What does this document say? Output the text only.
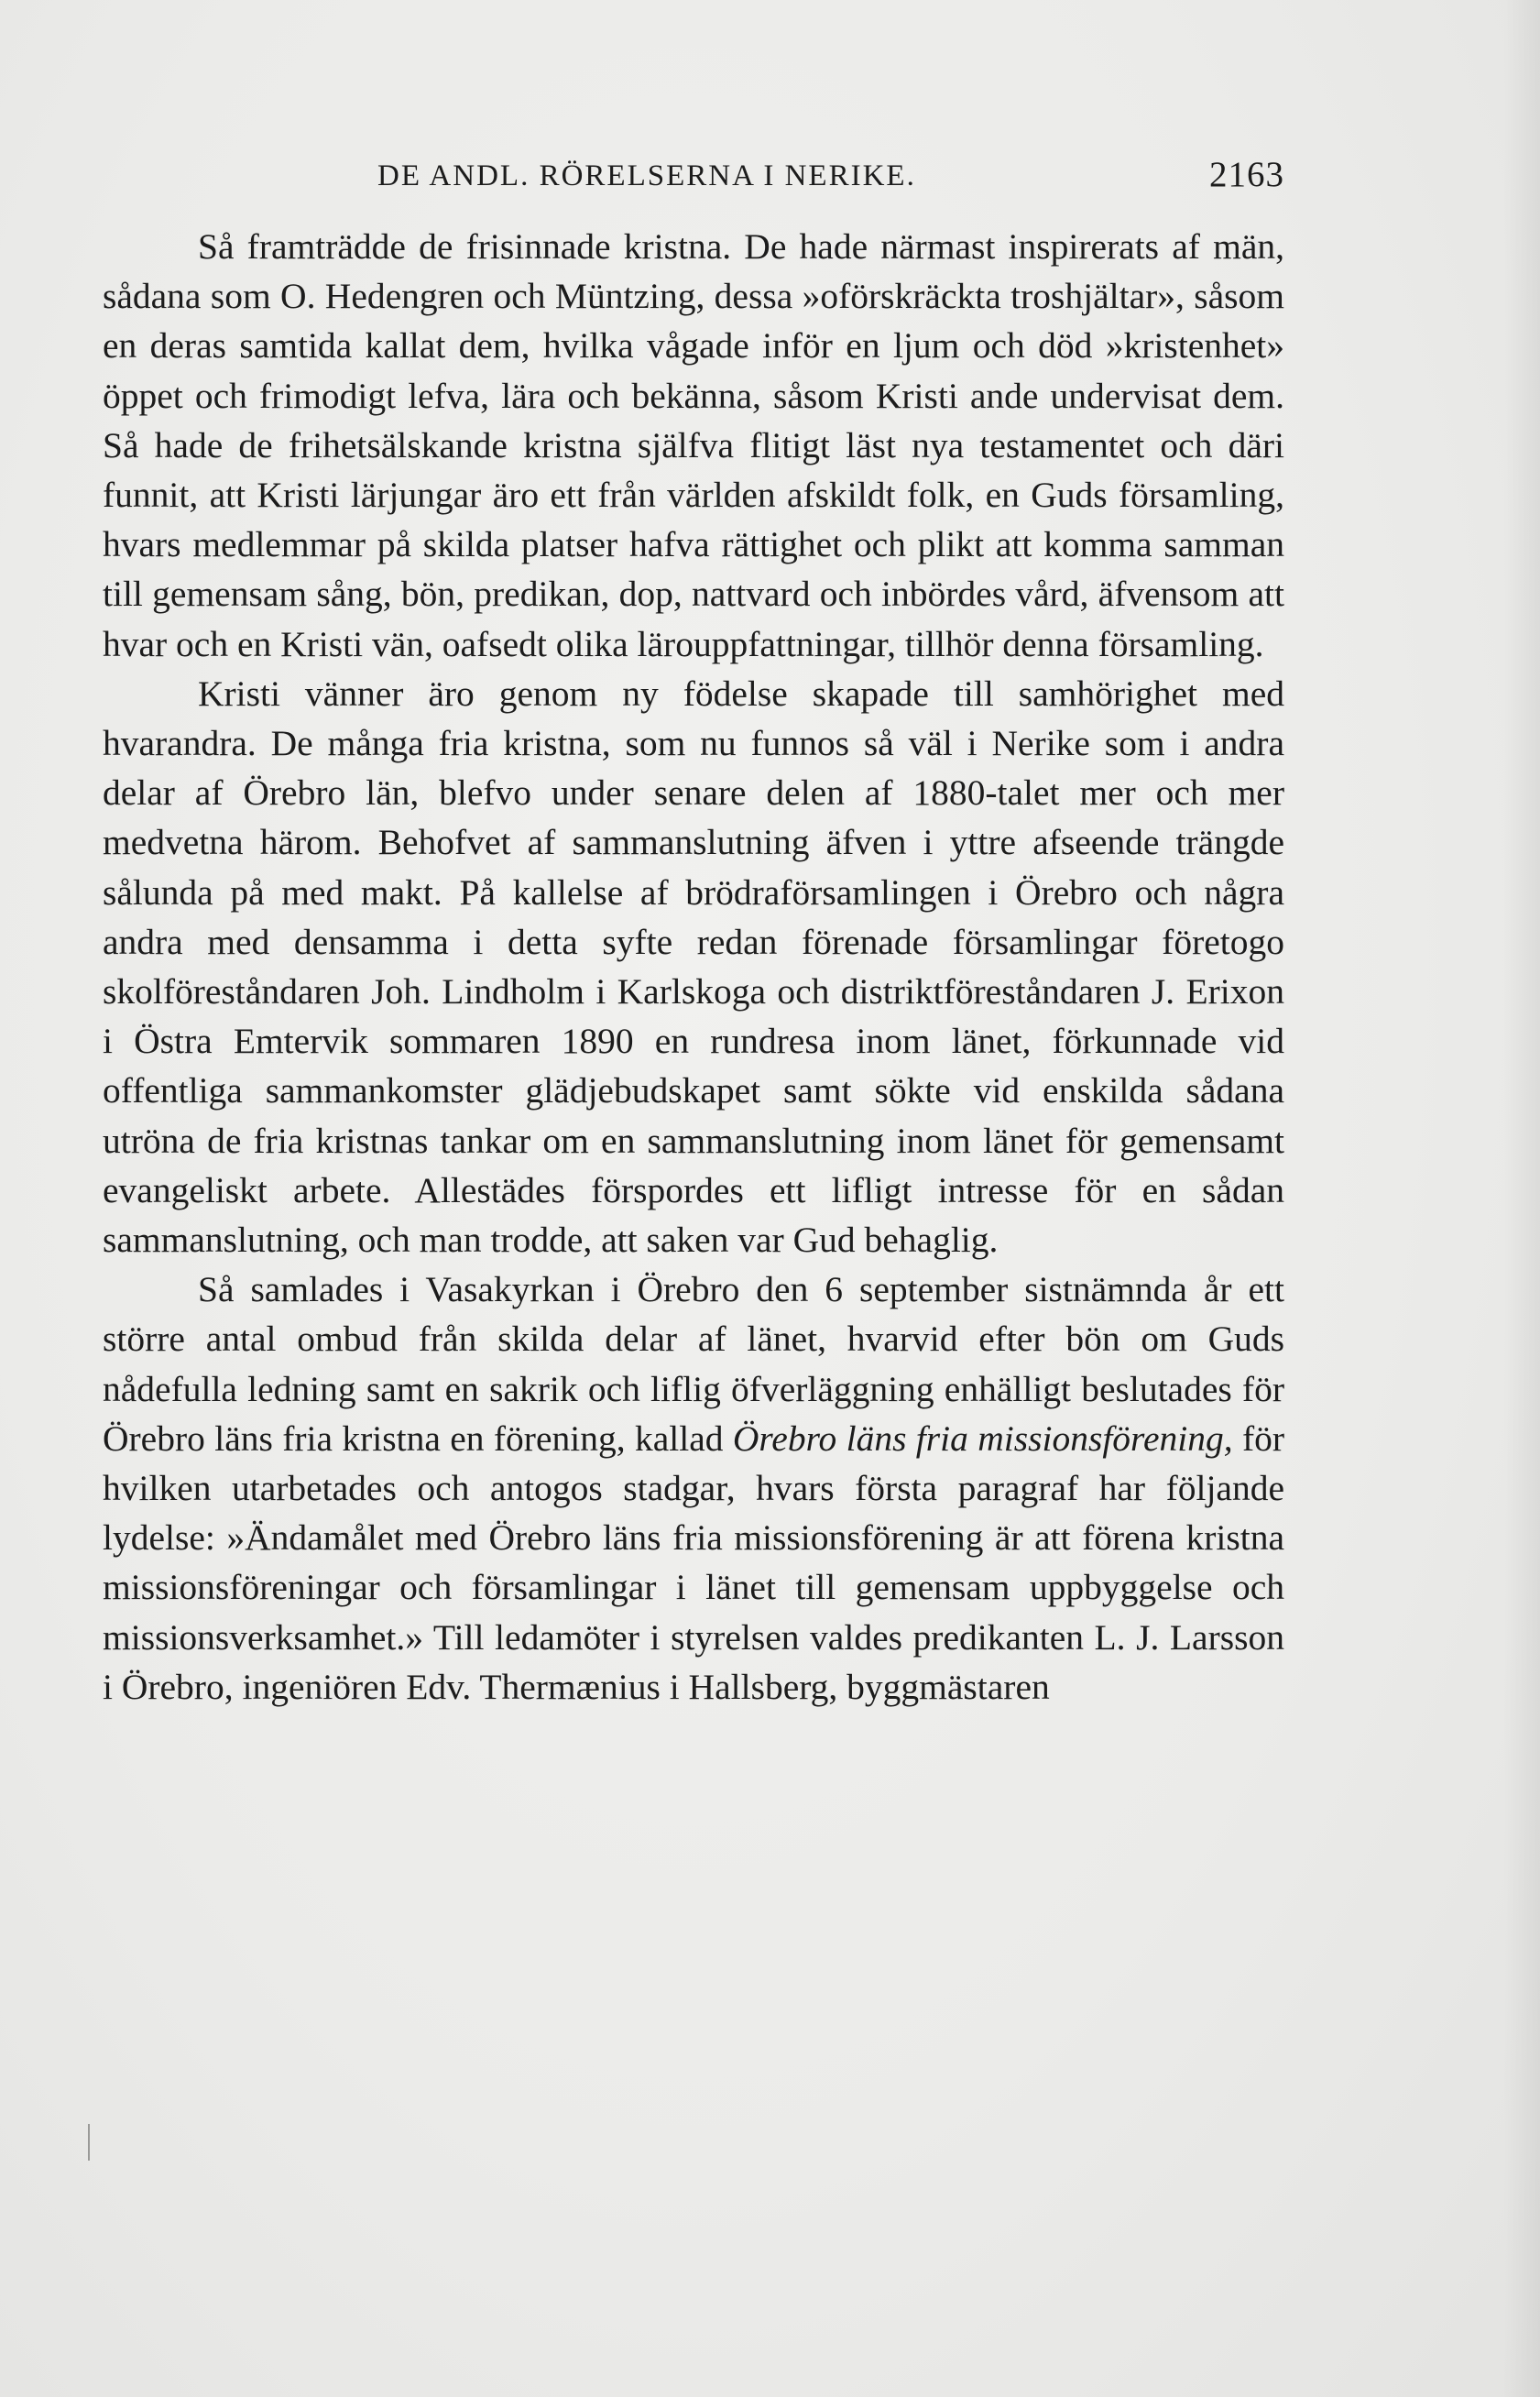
DE ANDL. RÖRELSERNA I NERIKE.	2163

Så framträdde de frisinnade kristna. De hade närmast inspirerats af män, sådana som O. Hedengren och Müntzing, dessa »oförskräckta troshjältar», såsom en deras samtida kallat dem, hvilka vågade inför en ljum och död »kristenhet» öppet och frimodigt lefva, lära och bekänna, såsom Kristi ande undervisat dem. Så hade de frihetsälskande kristna själfva flitigt läst nya testamentet och däri funnit, att Kristi lärjungar äro ett från världen afskildt folk, en Guds församling, hvars medlemmar på skilda platser hafva rättighet och plikt att komma samman till gemensam sång, bön, predikan, dop, nattvard och inbördes vård, äfvensom att hvar och en Kristi vän, oafsedt olika lärouppfattningar, tillhör denna församling.

Kristi vänner äro genom ny födelse skapade till samhörighet med hvarandra. De många fria kristna, som nu funnos så väl i Nerike som i andra delar af Örebro län, blefvo under senare delen af 1880-talet mer och mer medvetna härom. Behofvet af sammanslutning äfven i yttre afseende trängde sålunda på med makt. På kallelse af brödraförsamlingen i Örebro och några andra med densamma i detta syfte redan förenade församlingar företogo skolföreståndaren Joh. Lindholm i Karlskoga och distriktföreståndaren J. Erixon i Östra Emtervik sommaren 1890 en rundresa inom länet, förkunnade vid offentliga sammankomster glädjebudskapet samt sökte vid enskilda sådana utröna de fria kristnas tankar om en sammanslutning inom länet för gemensamt evangeliskt arbete. Allestädes förspordes ett lifligt intresse för en sådan sammanslutning, och man trodde, att saken var Gud behaglig.

Så samlades i Vasakyrkan i Örebro den 6 september sistnämnda år ett större antal ombud från skilda delar af länet, hvarvid efter bön om Guds nådefulla ledning samt en sakrik och liflig öfverläggning enhälligt beslutades för Örebro läns fria kristna en förening, kallad Örebro läns fria missionsförening, för hvilken utarbetades och antogos stadgar, hvars första paragraf har följande lydelse: »Ändamålet med Örebro läns fria missionsförening är att förena kristna missionsföreningar och församlingar i länet till gemensam uppbyggelse och missionsverksamhet.» Till ledamöter i styrelsen valdes predikanten L. J. Larsson i Örebro, ingeniören Edv. Thermænius i Hallsberg, byggmästaren
